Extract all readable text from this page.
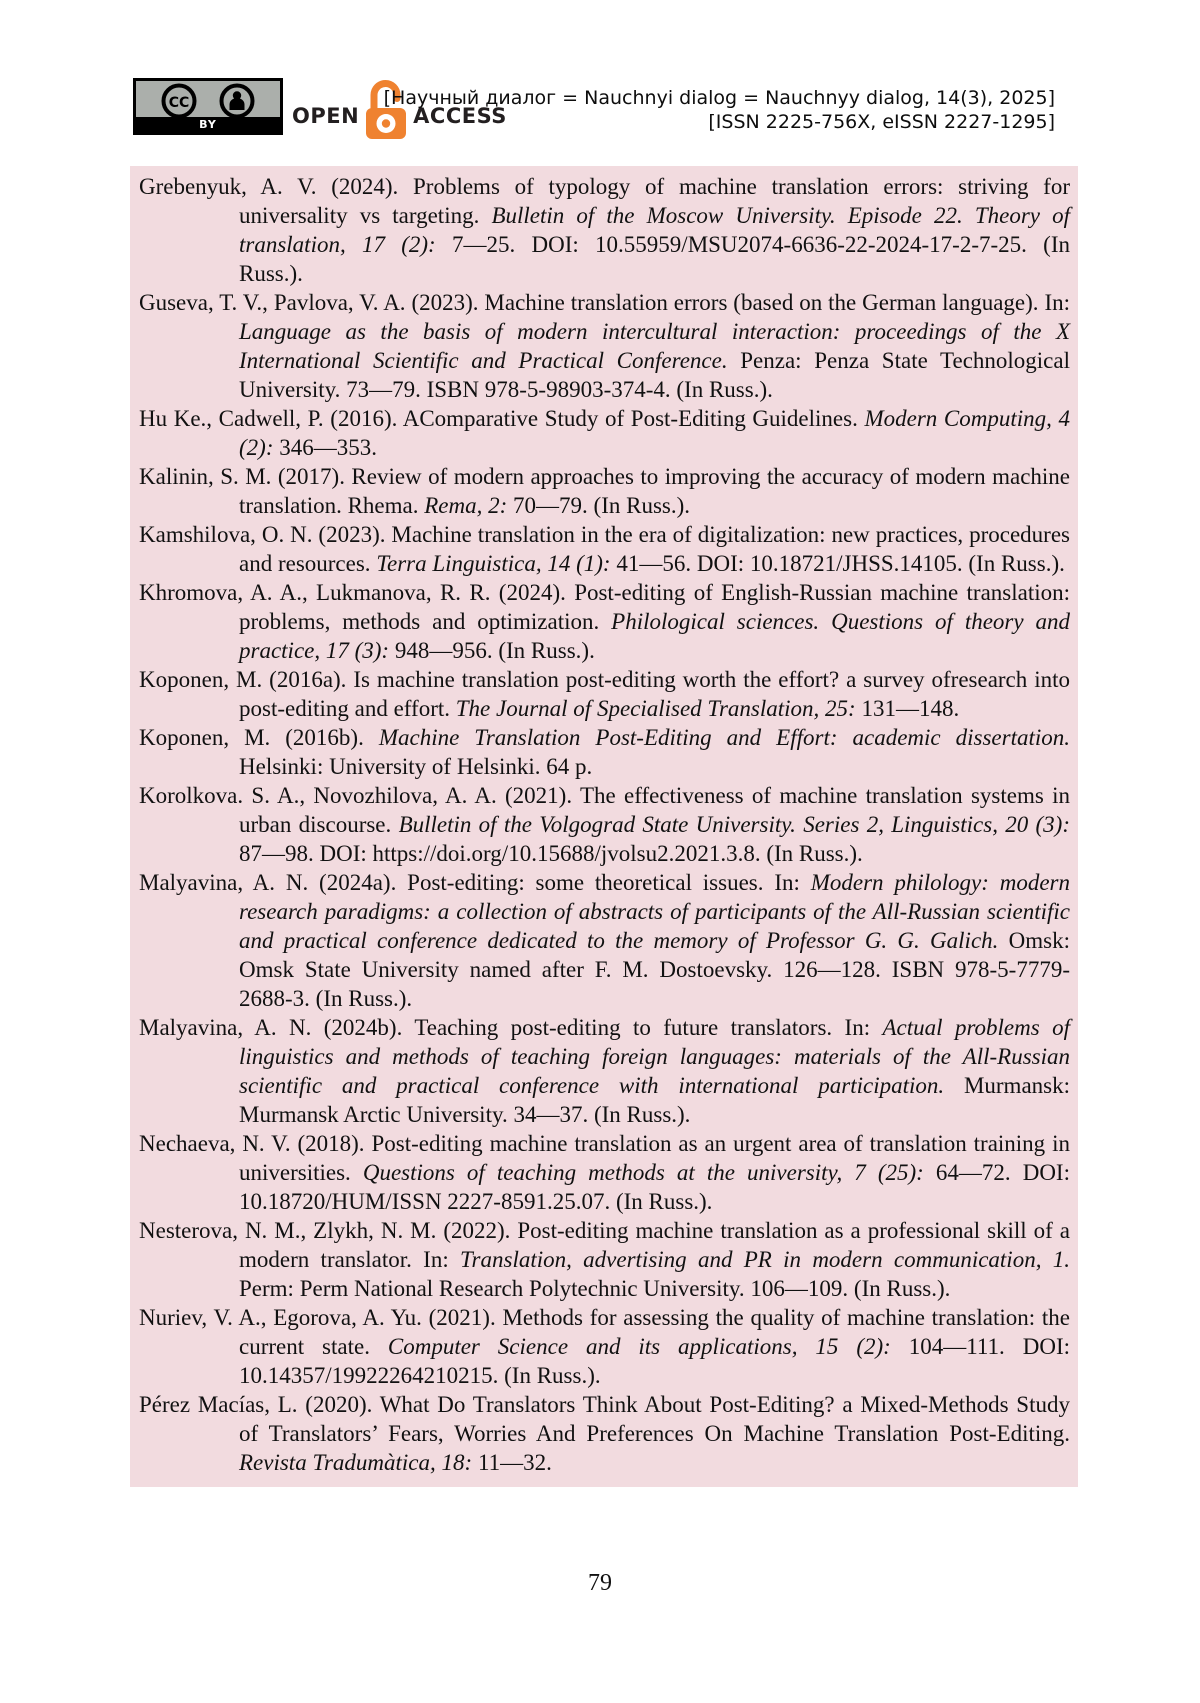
CC
BY	OPEN	ACCESS
[Научный диалог = Nauchnyi dialog = Nauchnyy dialog, 14(3), 2025]
[ISSN 2225-756X, eISSN 2227-1295]

Grebenyuk, A. V. (2024). Problems of typology of machine translation errors: striving for universality vs targeting. Bulletin of the Moscow University. Episode 22. Theory of translation, 17 (2): 7—25. DOI: 10.55959/MSU2074-6636-22-2024-17-2-7-25. (In Russ.).

Guseva, T. V., Pavlova, V. A. (2023). Machine translation errors (based on the German language). In: Language as the basis of modern intercultural interaction: proceedings of the X International Scientific and Practical Conference. Penza: Penza State Technological University. 73—79. ISBN 978-5-98903-374-4. (In Russ.).

Hu Ke., Cadwell, P. (2016). AComparative Study of Post-Editing Guidelines. Modern Computing, 4 (2): 346—353.

Kalinin, S. M. (2017). Review of modern approaches to improving the accuracy of modern machine translation. Rhema. Rema, 2: 70—79. (In Russ.).

Kamshilova, O. N. (2023). Machine translation in the era of digitalization: new practices, procedures and resources. Terra Linguistica, 14 (1): 41—56. DOI: 10.18721/JHSS.14105. (In Russ.).

Khromova, A. A., Lukmanova, R. R. (2024). Post-editing of English-Russian machine translation: problems, methods and optimization. Philological sciences. Questions of theory and practice, 17 (3): 948—956. (In Russ.).

Koponen, M. (2016a). Is machine translation post-editing worth the effort? a survey ofresearch into post-editing and effort. The Journal of Specialised Translation, 25: 131—148.

Koponen, M. (2016b). Machine Translation Post-Editing and Effort: academic dissertation. Helsinki: University of Helsinki. 64 p.

Korolkova. S. A., Novozhilova, A. A. (2021). The effectiveness of machine translation systems in urban discourse. Bulletin of the Volgograd State University. Series 2, Linguistics, 20 (3): 87—98. DOI: https://doi.org/10.15688/jvolsu2.2021.3.8. (In Russ.).

Malyavina, A. N. (2024a). Post-editing: some theoretical issues. In: Modern philology: modern research paradigms: a collection of abstracts of participants of the All-Russian scientific and practical conference dedicated to the memory of Professor G. G. Galich. Omsk: Omsk State University named after F. M. Dostoevsky. 126—128. ISBN 978-5-7779-2688-3. (In Russ.).

Malyavina, A. N. (2024b). Teaching post-editing to future translators. In: Actual problems of linguistics and methods of teaching foreign languages: materials of the All-Russian scientific and practical conference with international participation. Murmansk: Murmansk Arctic University. 34—37. (In Russ.).

Nechaeva, N. V. (2018). Post-editing machine translation as an urgent area of translation training in universities. Questions of teaching methods at the university, 7 (25): 64—72. DOI: 10.18720/HUM/ISSN 2227-8591.25.07. (In Russ.).

Nesterova, N. M., Zlykh, N. M. (2022). Post-editing machine translation as a professional skill of a modern translator. In: Translation, advertising and PR in modern communication, 1. Perm: Perm National Research Polytechnic University. 106—109. (In Russ.).

Nuriev, V. A., Egorova, A. Yu. (2021). Methods for assessing the quality of machine translation: the current state. Computer Science and its applications, 15 (2): 104—111. DOI: 10.14357/19922264210215. (In Russ.).

Pérez Macías, L. (2020). What Do Translators Think About Post-Editing? a Mixed-Methods Study of Translators’ Fears, Worries And Preferences On Machine Translation Post-Editing. Revista Tradumàtica, 18: 11—32.

79
